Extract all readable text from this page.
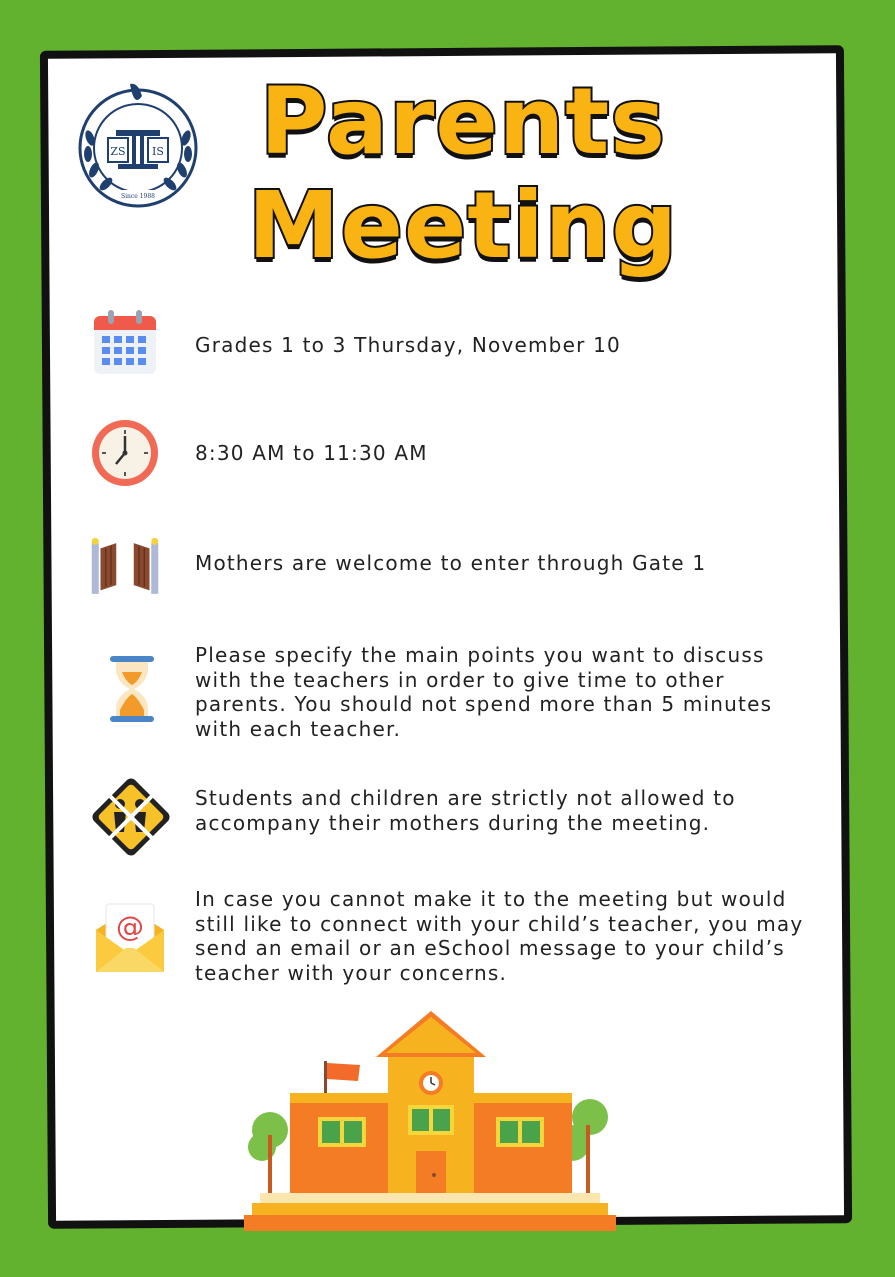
ZS IS
Since 1988
Parents
Meeting
Grades 1 to 3 Thursday, November 10
8:30 AM to 11:30 AM
Mothers are welcome to enter through Gate 1
Please specify the main points you want to discuss with the teachers in order to give time to other parents. You should not spend more than 5 minutes with each teacher.
Students and children are strictly not allowed to accompany their mothers during the meeting.
@
In case you cannot make it to the meeting but would still like to connect with your child’s teacher, you may send an email or an eSchool message to your child’s teacher with your concerns.
